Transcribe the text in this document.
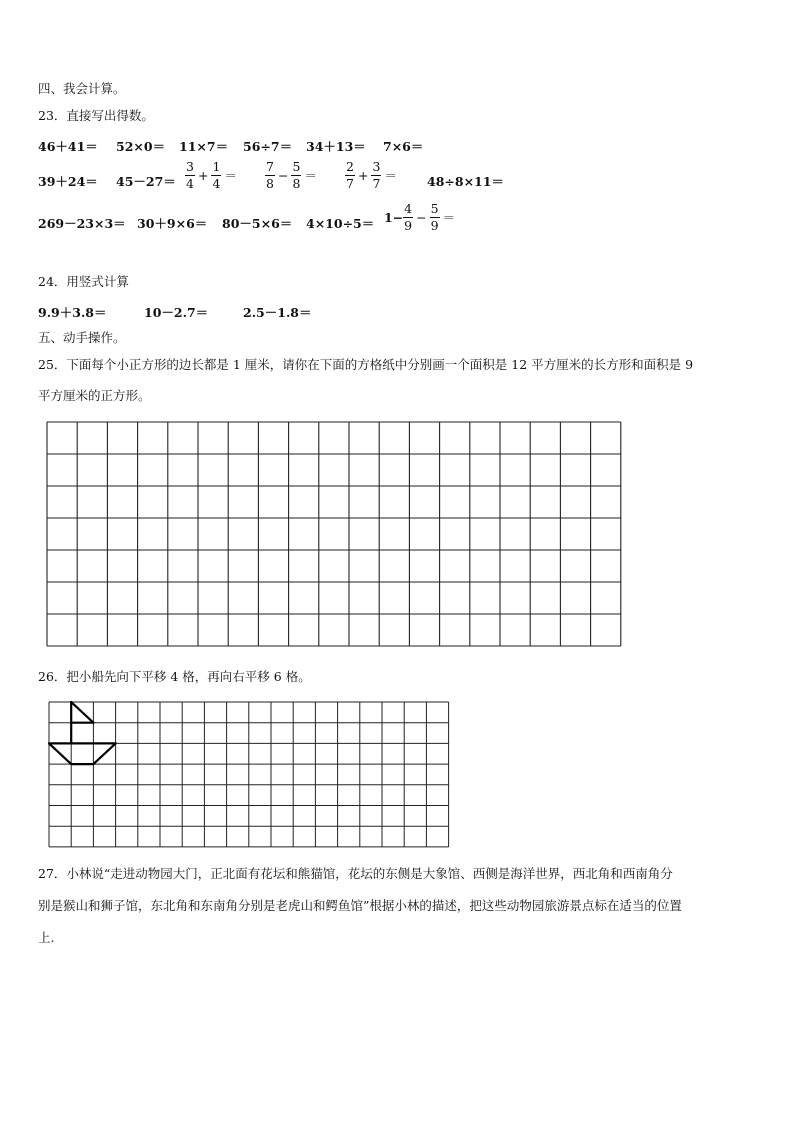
四、我会计算。
23．直接写出得数。
46＋41＝ 52×0＝ 11×7＝ 56÷7＝ 34＋13＝ 7×6＝
$39+24= 45-27= \frac{3}{4} + \frac{1}{4} = \frac{7}{8} - \frac{5}{8} = \frac{2}{7} + \frac{3}{7} = 48\div 8\times 11=$
$269-23\times 3= 30+9\times 6= 80-5\times 6= 4\times 10\div 5= 1- \frac{4}{9} - \frac{5}{9}$ ＝
24．用竖式计算
9.9＋3.8＝	10－2.7＝	2.5－1.8＝
五、动手操作。
25．下面每个小正方形的边长都是 1 厘米，请你在下面的方格纸中分别画一个面积是 12 平方厘米的长方形和面积是 9
平方厘米的正方形。
26．把小船先向下平移 4 格，再向右平移 6 格。
27．小林说“走进动物园大门，正北面有花坛和熊猫馆，花坛的东侧是大象馆、西侧是海洋世界，西北角和西南角分
别是猴山和狮子馆，东北角和东南角分别是老虎山和鳄鱼馆”根据小林的描述，把这些动物园旅游景点标在适当的位置
上.
